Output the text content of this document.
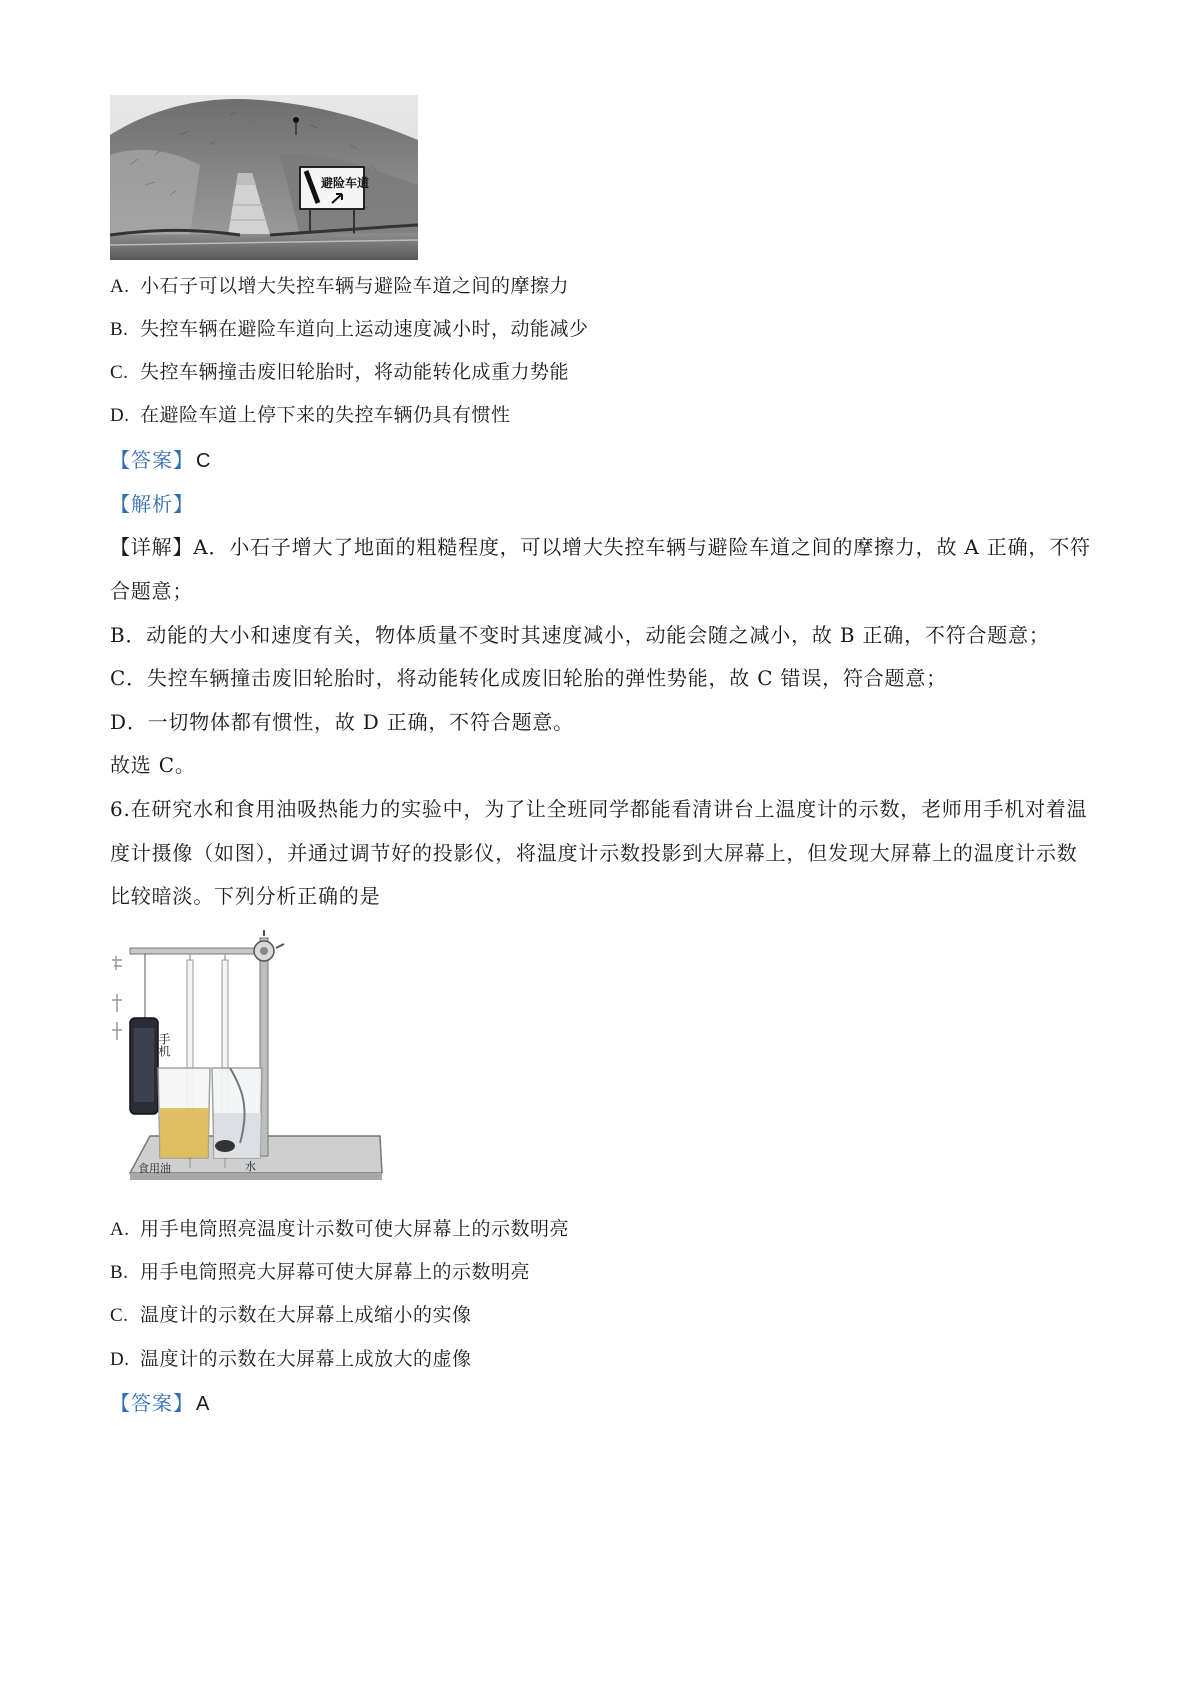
避险车道
A. 小石子可以增大失控车辆与避险车道之间的摩擦力
B. 失控车辆在避险车道向上运动速度减小时，动能减少
C. 失控车辆撞击废旧轮胎时，将动能转化成重力势能
D. 在避险车道上停下来的失控车辆仍具有惯性
【答案】 C
【解析】
【详解】A．小石子增大了地面的粗糙程度，可以增大失控车辆与避险车道之间的摩擦力，故 A 正确，不符
合题意；
B．动能的大小和速度有关，物体质量不变时其速度减小，动能会随之减小，故 B 正确，不符合题意；
C．失控车辆撞击废旧轮胎时，将动能转化成废旧轮胎的弹性势能，故 C 错误，符合题意；
D．一切物体都有惯性，故 D 正确，不符合题意。
故选 C。
6.在研究水和食用油吸热能力的实验中，为了让全班同学都能看清讲台上温度计的示数，老师用手机对着温
度计摄像（如图），并通过调节好的投影仪，将温度计示数投影到大屏幕上，但发现大屏幕上的温度计示数
比较暗淡。下列分析正确的是
手机
食用油	水
A. 用手电筒照亮温度计示数可使大屏幕上的示数明亮
B. 用手电筒照亮大屏幕可使大屏幕上的示数明亮
C. 温度计的示数在大屏幕上成缩小的实像
D. 温度计的示数在大屏幕上成放大的虚像
【答案】 A
